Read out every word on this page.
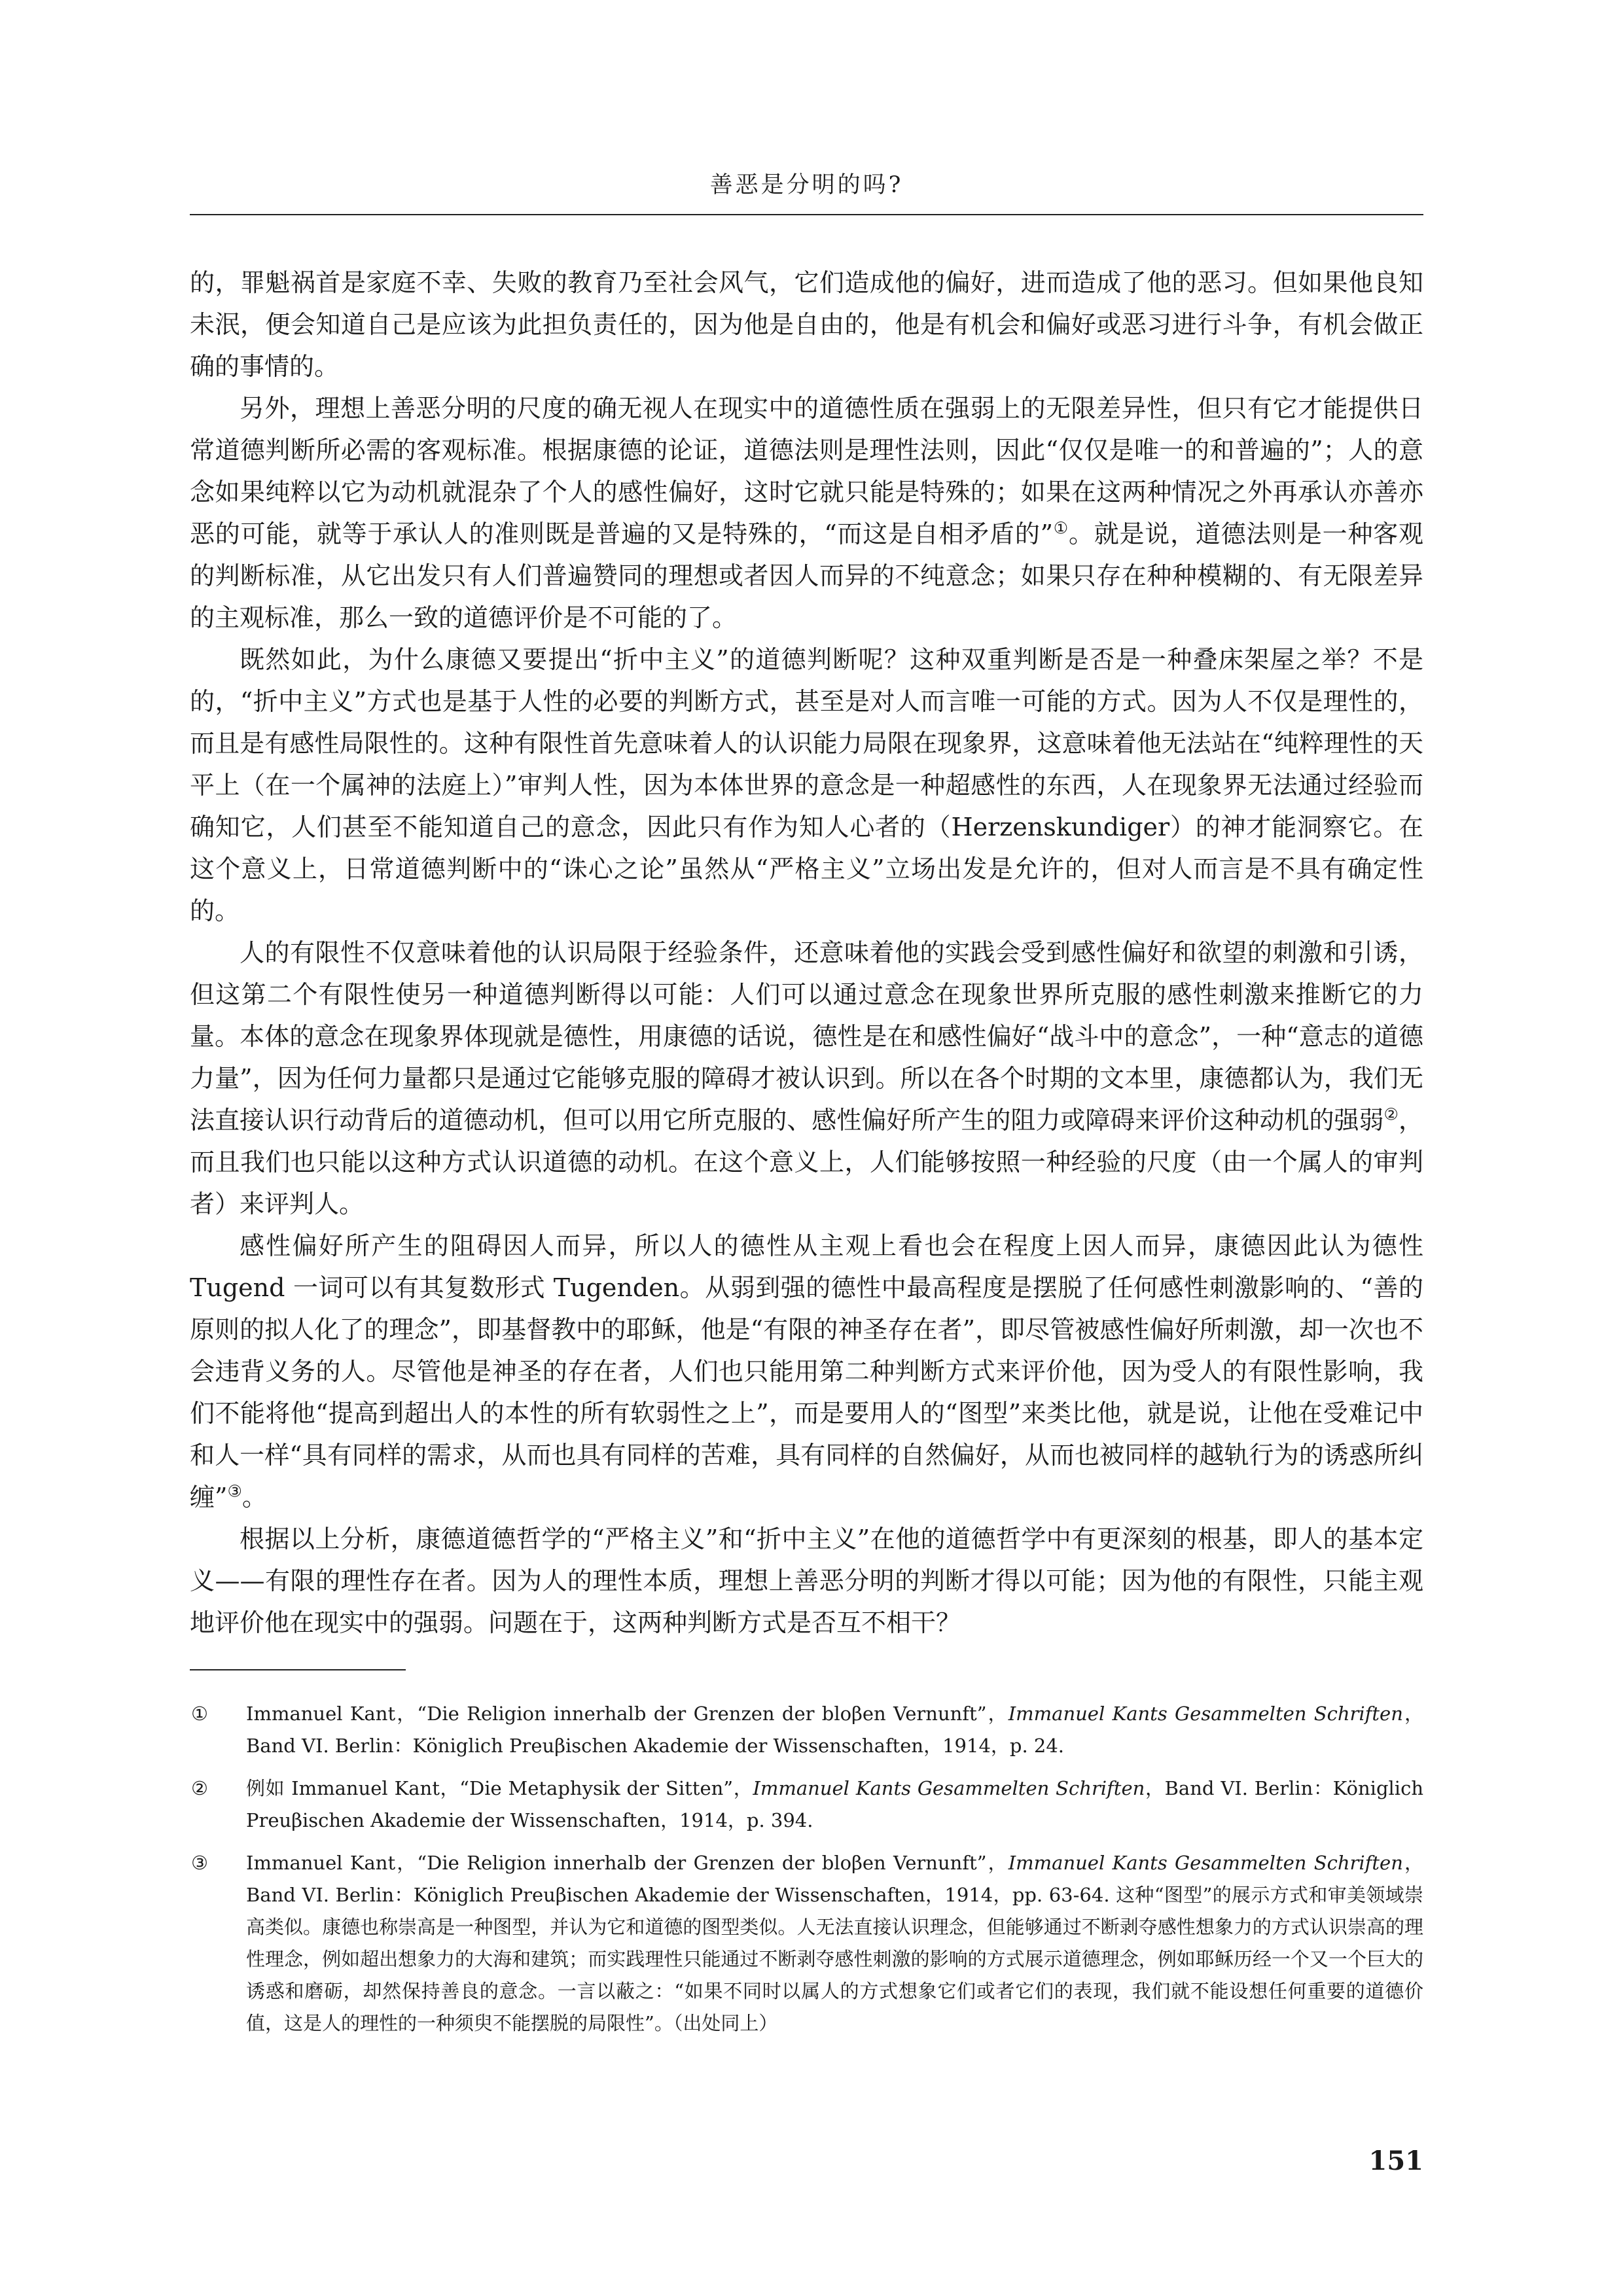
善恶是分明的吗?

的，罪魁祸首是家庭不幸、失败的教育乃至社会风气，它们造成他的偏好，进而造成了他的恶习。但如果他良知未泯，便会知道自己是应该为此担负责任的，因为他是自由的，他是有机会和偏好或恶习进行斗争，有机会做正确的事情的。

另外，理想上善恶分明的尺度的确无视人在现实中的道德性质在强弱上的无限差异性，但只有它才能提供日常道德判断所必需的客观标准。根据康德的论证，道德法则是理性法则，因此“仅仅是唯一的和普遍的”；人的意念如果纯粹以它为动机就混杂了个人的感性偏好，这时它就只能是特殊的；如果在这两种情况之外再承认亦善亦恶的可能，就等于承认人的准则既是普遍的又是特殊的，“而这是自相矛盾的”①。就是说，道德法则是一种客观的判断标准，从它出发只有人们普遍赞同的理想或者因人而异的不纯意念；如果只存在种种模糊的、有无限差异的主观标准，那么一致的道德评价是不可能的了。

既然如此，为什么康德又要提出“折中主义”的道德判断呢？这种双重判断是否是一种叠床架屋之举？不是的，“折中主义”方式也是基于人性的必要的判断方式，甚至是对人而言唯一可能的方式。因为人不仅是理性的，而且是有感性局限性的。这种有限性首先意味着人的认识能力局限在现象界，这意味着他无法站在“纯粹理性的天平上（在一个属神的法庭上）”审判人性，因为本体世界的意念是一种超感性的东西，人在现象界无法通过经验而确知它，人们甚至不能知道自己的意念，因此只有作为知人心者的（Herzenskundiger）的神才能洞察它。在这个意义上，日常道德判断中的“诛心之论”虽然从“严格主义”立场出发是允许的，但对人而言是不具有确定性的。

人的有限性不仅意味着他的认识局限于经验条件，还意味着他的实践会受到感性偏好和欲望的刺激和引诱，但这第二个有限性使另一种道德判断得以可能：人们可以通过意念在现象世界所克服的感性刺激来推断它的力量。本体的意念在现象界体现就是德性，用康德的话说，德性是在和感性偏好“战斗中的意念”，一种“意志的道德力量”，因为任何力量都只是通过它能够克服的障碍才被认识到。所以在各个时期的文本里，康德都认为，我们无法直接认识行动背后的道德动机，但可以用它所克服的、感性偏好所产生的阻力或障碍来评价这种动机的强弱②，而且我们也只能以这种方式认识道德的动机。在这个意义上，人们能够按照一种经验的尺度（由一个属人的审判者）来评判人。

感性偏好所产生的阻碍因人而异，所以人的德性从主观上看也会在程度上因人而异，康德因此认为德性 Tugend 一词可以有其复数形式 Tugenden。从弱到强的德性中最高程度是摆脱了任何感性刺激影响的、“善的原则的拟人化了的理念”，即基督教中的耶稣，他是“有限的神圣存在者”，即尽管被感性偏好所刺激，却一次也不会违背义务的人。尽管他是神圣的存在者，人们也只能用第二种判断方式来评价他，因为受人的有限性影响，我们不能将他“提高到超出人的本性的所有软弱性之上”，而是要用人的“图型”来类比他，就是说，让他在受难记中和人一样“具有同样的需求，从而也具有同样的苦难，具有同样的自然偏好，从而也被同样的越轨行为的诱惑所纠缠”③。

根据以上分析，康德道德哲学的“严格主义”和“折中主义”在他的道德哲学中有更深刻的根基，即人的基本定义——有限的理性存在者。因为人的理性本质，理想上善恶分明的判断才得以可能；因为他的有限性，只能主观地评价他在现实中的强弱。问题在于，这两种判断方式是否互不相干？

① Immanuel Kant，“Die Religion innerhalb der Grenzen der bloβen Vernunft”，Immanuel Kants Gesammelten Schriften，Band VI. Berlin：Königlich Preuβischen Akademie der Wissenschaften，1914，p. 24.
② 例如 Immanuel Kant，“Die Metaphysik der Sitten”，Immanuel Kants Gesammelten Schriften，Band VI. Berlin：Königlich Preuβischen Akademie der Wissenschaften，1914，p. 394.
③ Immanuel Kant，“Die Religion innerhalb der Grenzen der bloβen Vernunft”，Immanuel Kants Gesammelten Schriften，Band VI. Berlin：Königlich Preuβischen Akademie der Wissenschaften，1914，pp. 63-64. 这种“图型”的展示方式和审美领域崇高类似。康德也称崇高是一种图型，并认为它和道德的图型类似。人无法直接认识理念，但能够通过不断剥夺感性想象力的方式认识崇高的理性理念，例如超出想象力的大海和建筑；而实践理性只能通过不断剥夺感性刺激的影响的方式展示道德理念，例如耶稣历经一个又一个巨大的诱惑和磨砺，却然保持善良的意念。一言以蔽之：“如果不同时以属人的方式想象它们或者它们的表现，我们就不能设想任何重要的道德价值，这是人的理性的一种须臾不能摆脱的局限性”。（出处同上）
151
